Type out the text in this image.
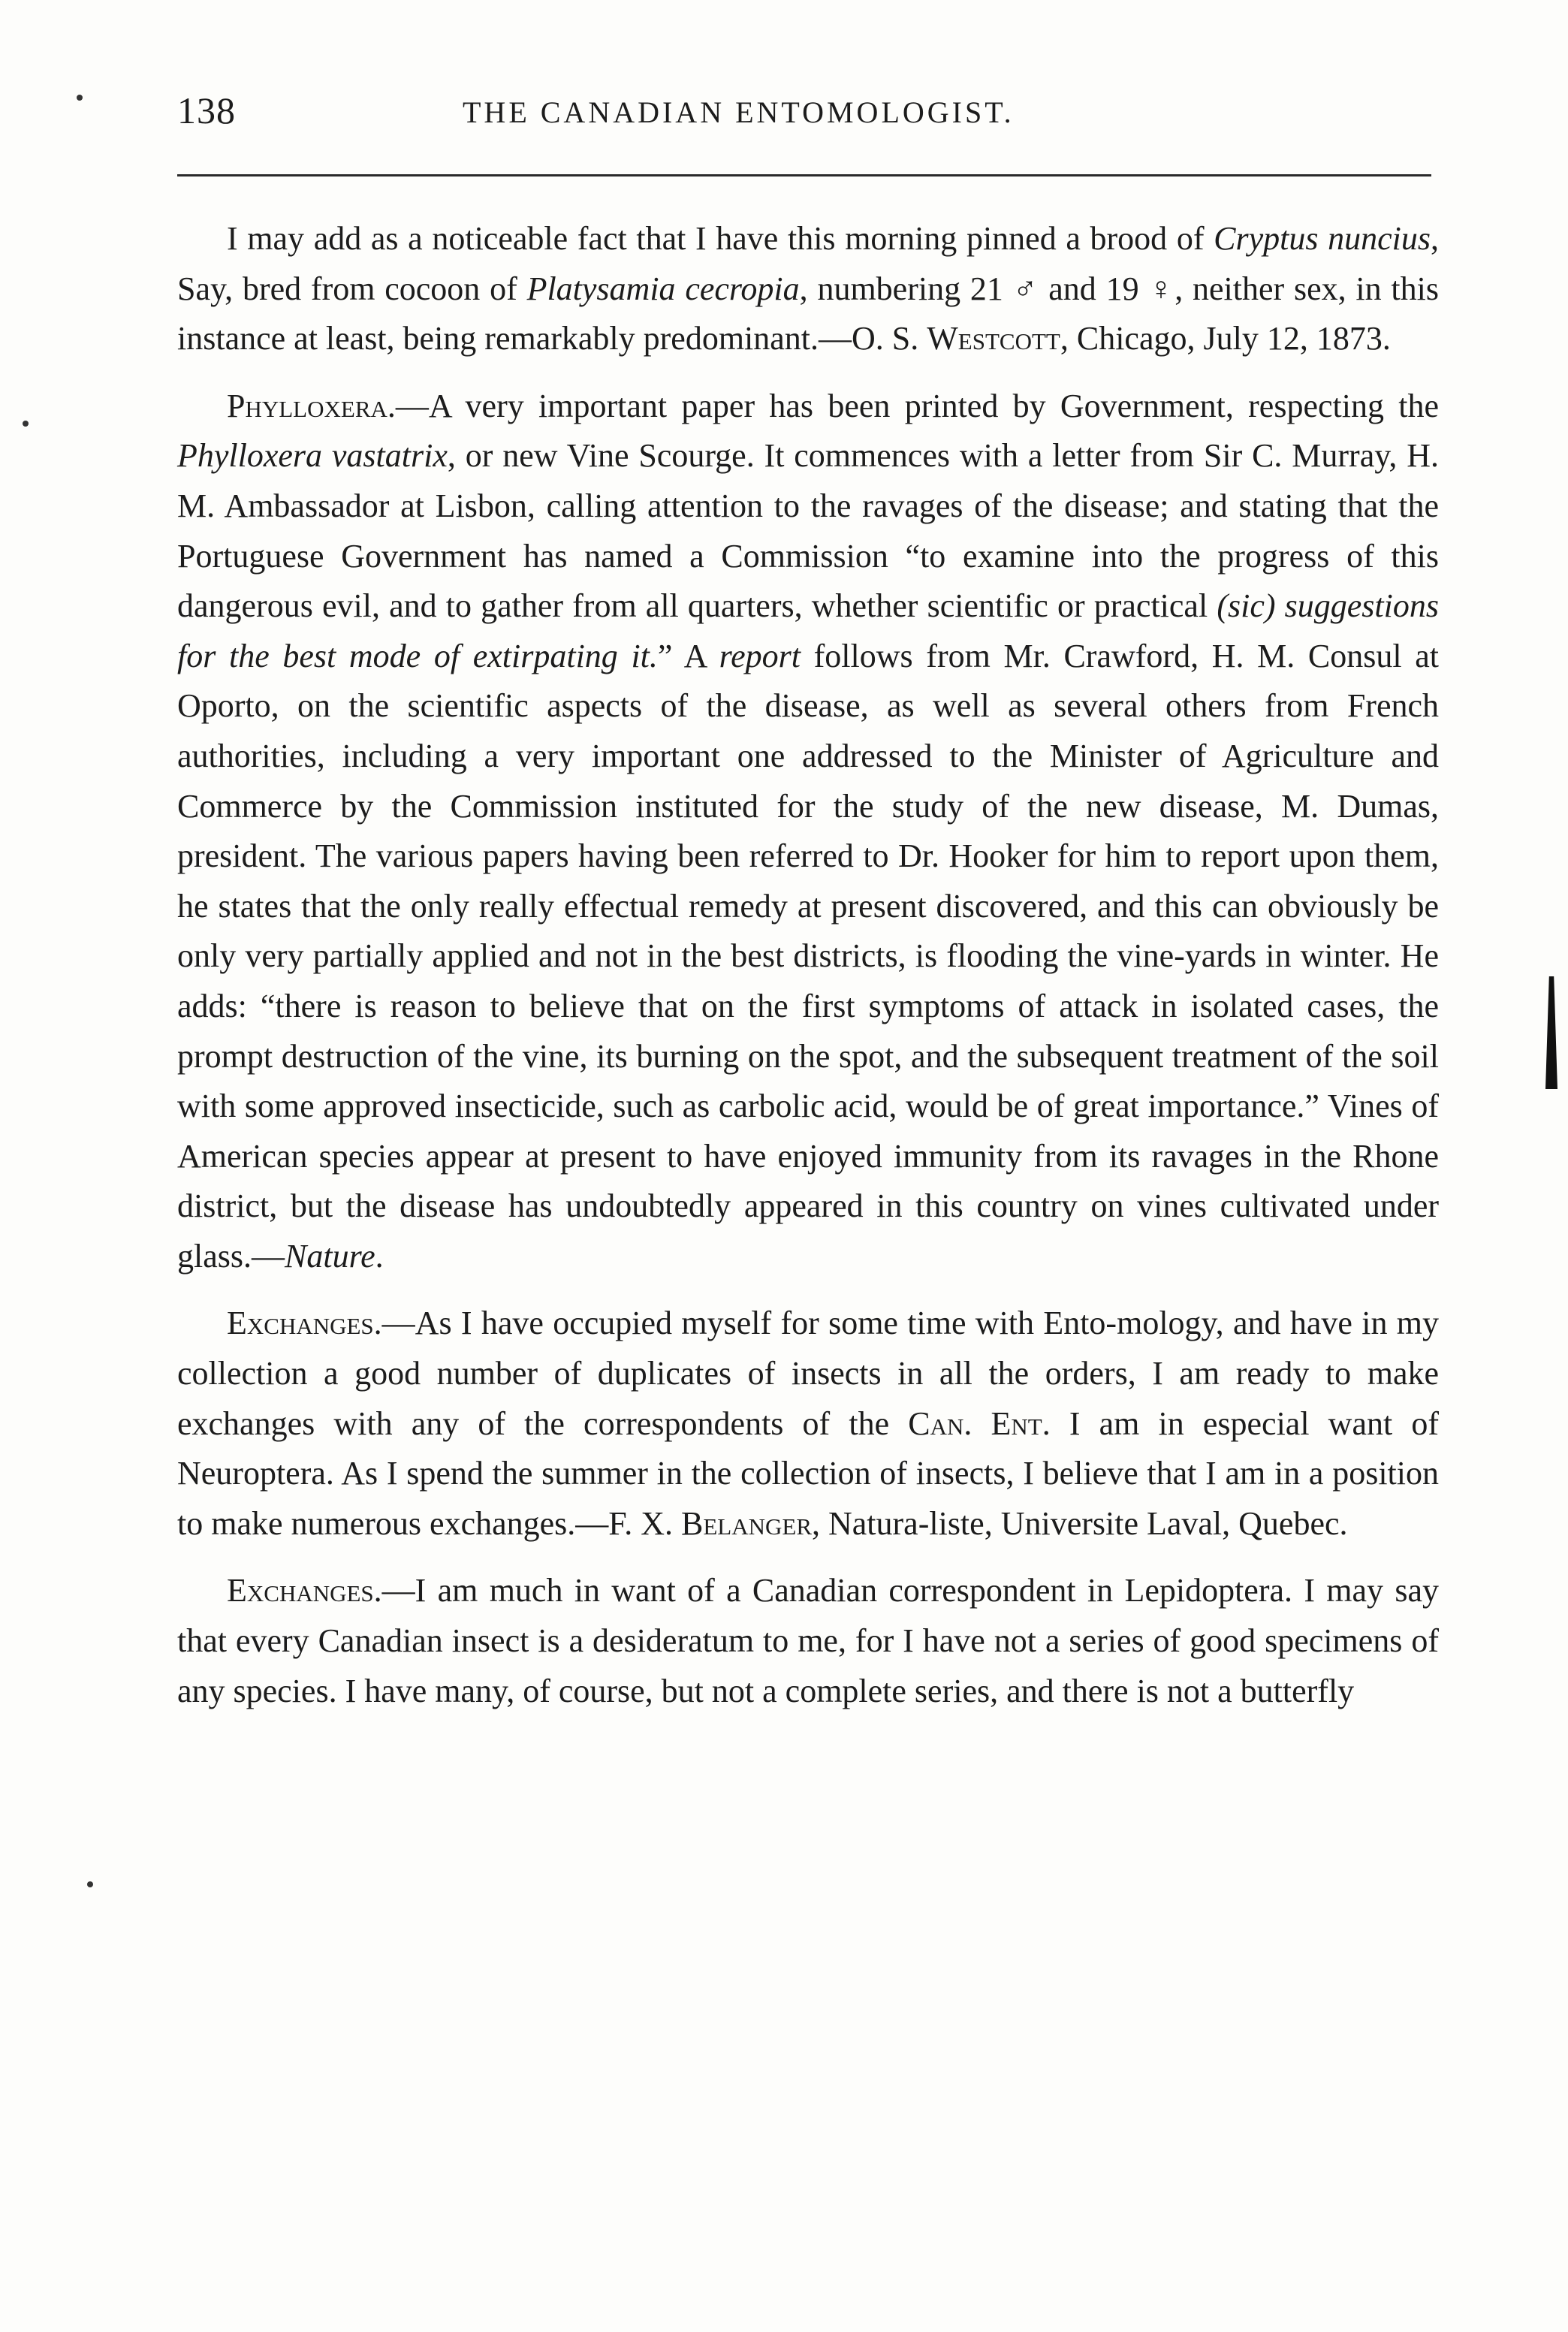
138	THE CANADIAN ENTOMOLOGIST.

I may add as a noticeable fact that I have this morning pinned a brood of Cryptus nuncius, Say, bred from cocoon of Platysamia cecropia, numbering 21 ♂ and 19 ♀, neither sex, in this instance at least, being remarkably predominant.—O. S. Westcott, Chicago, July 12, 1873.

Phylloxera.—A very important paper has been printed by Government, respecting the Phylloxera vastatrix, or new Vine Scourge. It commences with a letter from Sir C. Murray, H. M. Ambassador at Lisbon, calling attention to the ravages of the disease; and stating that the Portuguese Government has named a Commission “to examine into the progress of this dangerous evil, and to gather from all quarters, whether scientific or practical (sic) suggestions for the best mode of extirpating it.” A report follows from Mr. Crawford, H. M. Consul at Oporto, on the scientific aspects of the disease, as well as several others from French authorities, including a very important one addressed to the Minister of Agriculture and Commerce by the Commission instituted for the study of the new disease, M. Dumas, president. The various papers having been referred to Dr. Hooker for him to report upon them, he states that the only really effectual remedy at present discovered, and this can obviously be only very partially applied and not in the best districts, is flooding the vine-yards in winter. He adds: “there is reason to believe that on the first symptoms of attack in isolated cases, the prompt destruction of the vine, its burning on the spot, and the subsequent treatment of the soil with some approved insecticide, such as carbolic acid, would be of great importance.” Vines of American species appear at present to have enjoyed immunity from its ravages in the Rhone district, but the disease has undoubtedly appeared in this country on vines cultivated under glass.—Nature.

Exchanges.—As I have occupied myself for some time with Ento-mology, and have in my collection a good number of duplicates of insects in all the orders, I am ready to make exchanges with any of the correspondents of the Can. Ent. I am in especial want of Neuroptera. As I spend the summer in the collection of insects, I believe that I am in a position to make numerous exchanges.—F. X. Belanger, Natura-liste, Universite Laval, Quebec.

Exchanges.—I am much in want of a Canadian correspondent in Lepidoptera. I may say that every Canadian insect is a desideratum to me, for I have not a series of good specimens of any species. I have many, of course, but not a complete series, and there is not a butterfly
